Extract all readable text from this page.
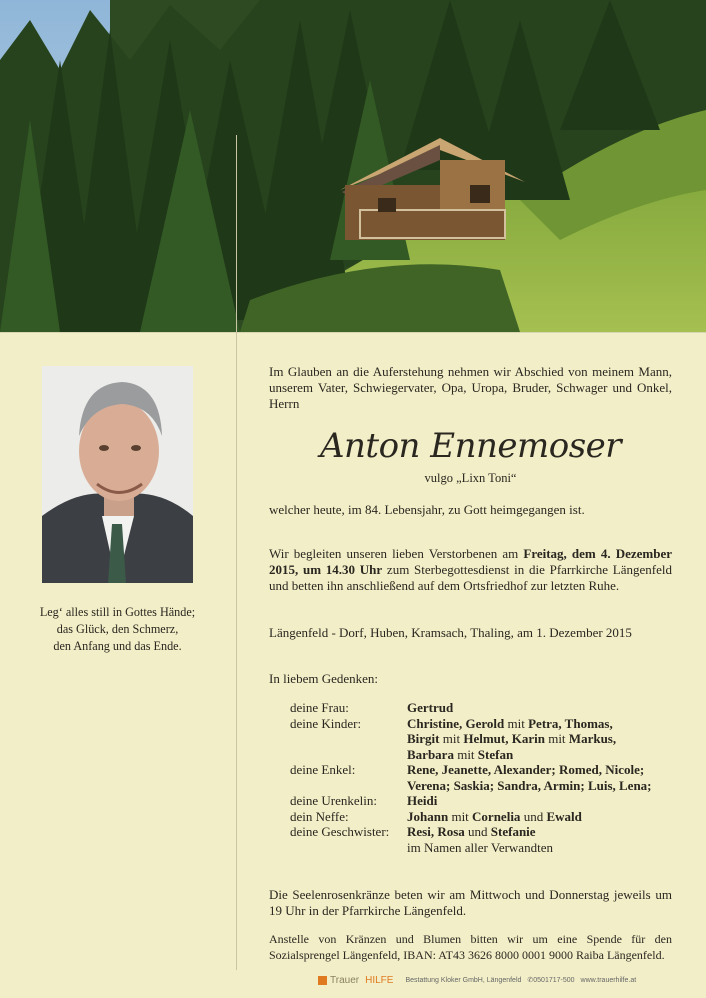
Leg‘ alles still in Gottes Hände;
das Glück, den Schmerz,
den Anfang und das Ende.
Im Glauben an die Auferstehung nehmen wir Abschied von meinem Mann, unserem Vater, Schwiegervater, Opa, Uropa, Bruder, Schwager und Onkel, Herrn
Anton Ennemoser
vulgo „Lixn Toni“
welcher heute, im 84. Lebensjahr, zu Gott heimgegangen ist.
Wir begleiten unseren lieben Verstorbenen am Freitag, dem 4. Dezember 2015, um 14.30 Uhr zum Sterbegottesdienst in die Pfarrkirche Längenfeld und betten ihn anschließend auf dem Ortsfriedhof zur letzten Ruhe.
Längenfeld - Dorf, Huben, Kramsach, Thaling, am 1. Dezember 2015
In liebem Gedenken:
deine Frau:	Gertrud
deine Kinder:	Christine, Gerold mit Petra, Thomas,
Birgit mit Helmut, Karin mit Markus,
Barbara mit Stefan
deine Enkel:	Rene, Jeanette, Alexander; Romed, Nicole;
Verena; Saskia; Sandra, Armin; Luis, Lena;
deine Urenkelin:	Heidi
dein Neffe:	Johann mit Cornelia und Ewald
deine Geschwister:	Resi, Rosa und Stefanie
im Namen aller Verwandten
Die Seelenrosenkränze beten wir am Mittwoch und Donnerstag jeweils um 19 Uhr in der Pfarrkirche Längenfeld.
Anstelle von Kränzen und Blumen bitten wir um eine Spende für den Sozialsprengel Längenfeld, IBAN: AT43 3626 8000 0001 9000 Raiba Längenfeld.
Trauer HILFE Bestattung Kloker GmbH, Längenfeld ✆0501717-500 www.trauerhilfe.at
